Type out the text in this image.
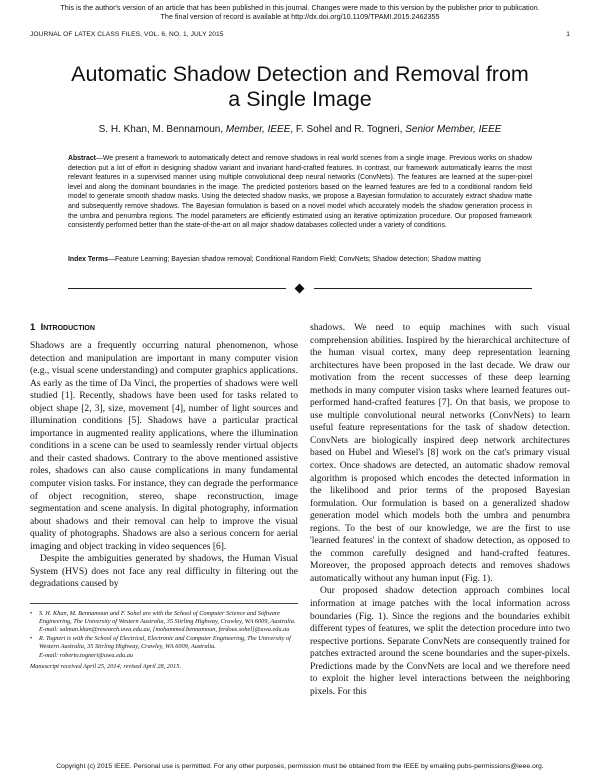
This is the author's version of an article that has been published in this journal. Changes were made to this version by the publisher prior to publication.
The final version of record is available at http://dx.doi.org/10.1109/TPAMI.2015.2462355
JOURNAL OF LATEX CLASS FILES, VOL. 6, NO. 1, JULY 2015	1
Automatic Shadow Detection and Removal from
a Single Image
S. H. Khan, M. Bennamoun, Member, IEEE, F. Sohel and R. Togneri, Senior Member, IEEE
Abstract—We present a framework to automatically detect and remove shadows in real world scenes from a single image. Previous works on shadow detection put a lot of effort in designing shadow variant and invariant hand-crafted features. In contrast, our framework automatically learns the most relevant features in a supervised manner using multiple convolutional deep neural networks (ConvNets). The features are learned at the super-pixel level and along the dominant boundaries in the image. The predicted posteriors based on the learned features are fed to a conditional random field model to generate smooth shadow masks. Using the detected shadow masks, we propose a Bayesian formulation to accurately extract shadow matte and subsequently remove shadows. The Bayesian formulation is based on a novel model which accurately models the shadow generation process in the umbra and penumbra regions. The model parameters are efficiently estimated using an iterative optimization procedure. Our proposed framework consistently performed better than the state-of-the-art on all major shadow databases collected under a variety of conditions.
Index Terms—Feature Learning; Bayesian shadow removal; Conditional Random Field; ConvNets; Shadow detection; Shadow matting
1 Introduction

Shadows are a frequently occurring natural phenomenon, whose detection and manipulation are important in many computer vision (e.g., visual scene understanding) and computer graphics applications. As early as the time of Da Vinci, the properties of shadows were well studied [1]. Recently, shadows have been used for tasks related to object shape [2, 3], size, movement [4], number of light sources and illumination conditions [5]. Shadows have a particular practical importance in augmented reality applications, where the illumination conditions in a scene can be used to seamlessly render virtual objects and their casted shadows. Contrary to the above mentioned assistive roles, shadows can also cause complications in many fundamental computer vision tasks. For instance, they can degrade the performance of object recognition, stereo, shape reconstruction, image segmentation and scene analysis. In digital photography, information about shadows and their removal can help to improve the visual quality of photographs. Shadows are also a serious concern for aerial imaging and object tracking in video sequences [6].

Despite the ambiguities generated by shadows, the Human Visual System (HVS) does not face any real difficulty in filtering out the degradations caused by

• S. H. Khan, M. Bennamoun and F. Sohel are with the School of Computer Science and Software Engineering, The University of Western Australia, 35 Stirling Highway, Crawley, WA 6009, Australia.
E-mail: salman.khan@research.uwa.edu.au, {mohammed.bennamoun, ferdous.sohel}@uwa.edu.au
• R. Togneri is with the School of Electrical, Electronic and Computer Engineering, The University of Western Australia, 35 Stirling Highway, Crawley, WA 6009, Australia.
E-mail: roberto.togneri@uwa.edu.au
Manuscript received April 25, 2014; revised April 28, 2015.

shadows. We need to equip machines with such visual comprehension abilities. Inspired by the hierarchical architecture of the human visual cortex, many deep representation learning architectures have been proposed in the last decade. We draw our motivation from the recent successes of these deep learning methods in many computer vision tasks where learned features out-performed hand-crafted features [7]. On that basis, we propose to use multiple convolutional neural networks (ConvNets) to learn useful feature representations for the task of shadow detection. ConvNets are biologically inspired deep network architectures based on Hubel and Wiesel's [8] work on the cat's primary visual cortex. Once shadows are detected, an automatic shadow removal algorithm is proposed which encodes the detected information in the likelihood and prior terms of the proposed Bayesian formulation. Our formulation is based on a generalized shadow generation model which models both the umbra and penumbra regions. To the best of our knowledge, we are the first to use 'learned features' in the context of shadow detection, as opposed to the common carefully designed and hand-crafted features. Moreover, the proposed approach detects and removes shadows automatically without any human input (Fig. 1).

Our proposed shadow detection approach combines local information at image patches with the local information across boundaries (Fig. 1). Since the regions and the boundaries exhibit different types of features, we split the detection procedure into two respective portions. Separate ConvNets are consequently trained for patches extracted around the scene boundaries and the super-pixels. Predictions made by the ConvNets are local and we therefore need to exploit the higher level interactions between the neighboring pixels. For this

Copyright (c) 2015 IEEE. Personal use is permitted. For any other purposes, permission must be obtained from the IEEE by emailing pubs-permissions@ieee.org.
